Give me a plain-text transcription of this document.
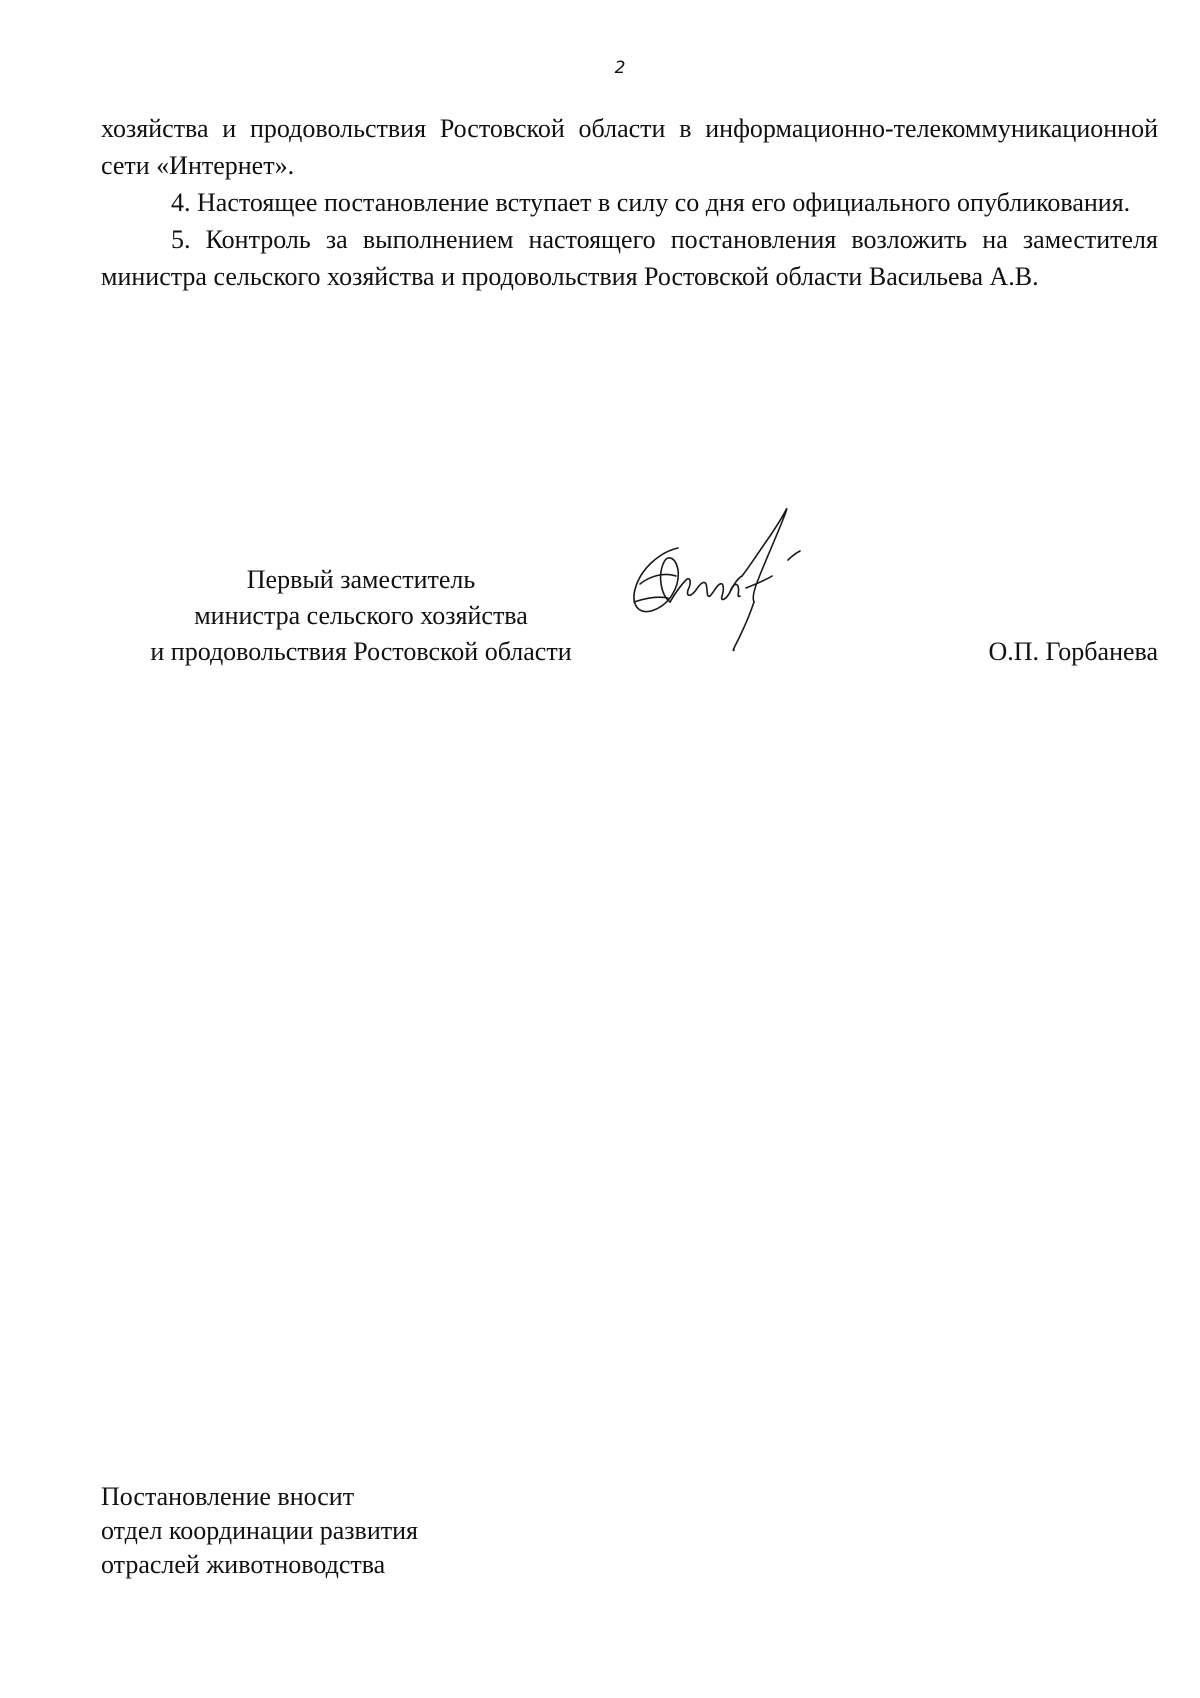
2

хозяйства и продовольствия Ростовской области в информационно-телекоммуникационной сети «Интернет».

4. Настоящее постановление вступает в силу со дня его официального опубликования.

5. Контроль за выполнением настоящего постановления возложить на заместителя министра сельского хозяйства и продовольствия Ростовской области Васильева А.В.

Первый заместитель
министра сельского хозяйства
и продовольствия Ростовской области	О.П. Горбанева
Постановление вносит
отдел координации развития
отраслей животноводства
